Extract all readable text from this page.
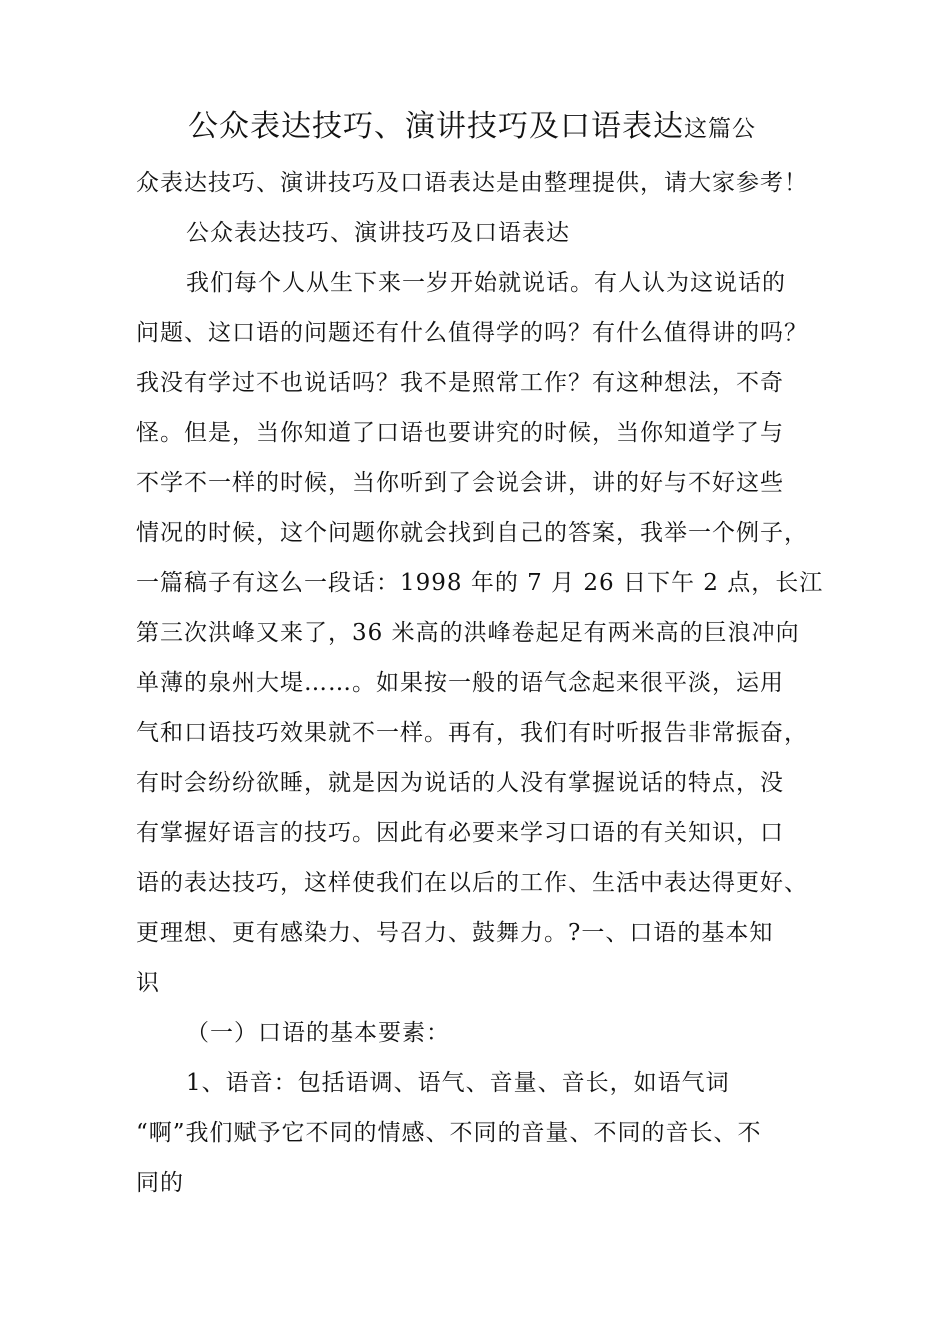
公众表达技巧、演讲技巧及口语表达这篇公
众表达技巧、演讲技巧及口语表达是由整理提供，请大家参考！
公众表达技巧、演讲技巧及口语表达
我们每个人从生下来一岁开始就说话。有人认为这说话的
问题、这口语的问题还有什么值得学的吗？有什么值得讲的吗？
我没有学过不也说话吗？我不是照常工作？有这种想法，不奇
怪。但是，当你知道了口语也要讲究的时候，当你知道学了与
不学不一样的时候，当你听到了会说会讲，讲的好与不好这些
情况的时候，这个问题你就会找到自己的答案，我举一个例子，
一篇稿子有这么一段话：1998 年的 7 月 26 日下午 2 点，长江
第三次洪峰又来了，36 米高的洪峰卷起足有两米高的巨浪冲向
单薄的泉州大堤……。如果按一般的语气念起来很平淡，运用
气和口语技巧效果就不一样。再有，我们有时听报告非常振奋，
有时会纷纷欲睡，就是因为说话的人没有掌握说话的特点，没
有掌握好语言的技巧。因此有必要来学习口语的有关知识，口
语的表达技巧，这样使我们在以后的工作、生活中表达得更好、
更理想、更有感染力、号召力、鼓舞力。?一、口语的基本知
识
（一）口语的基本要素：
1、语音：包括语调、语气、音量、音长，如语气词
“啊”我们赋予它不同的情感、不同的音量、不同的音长、不
同的
